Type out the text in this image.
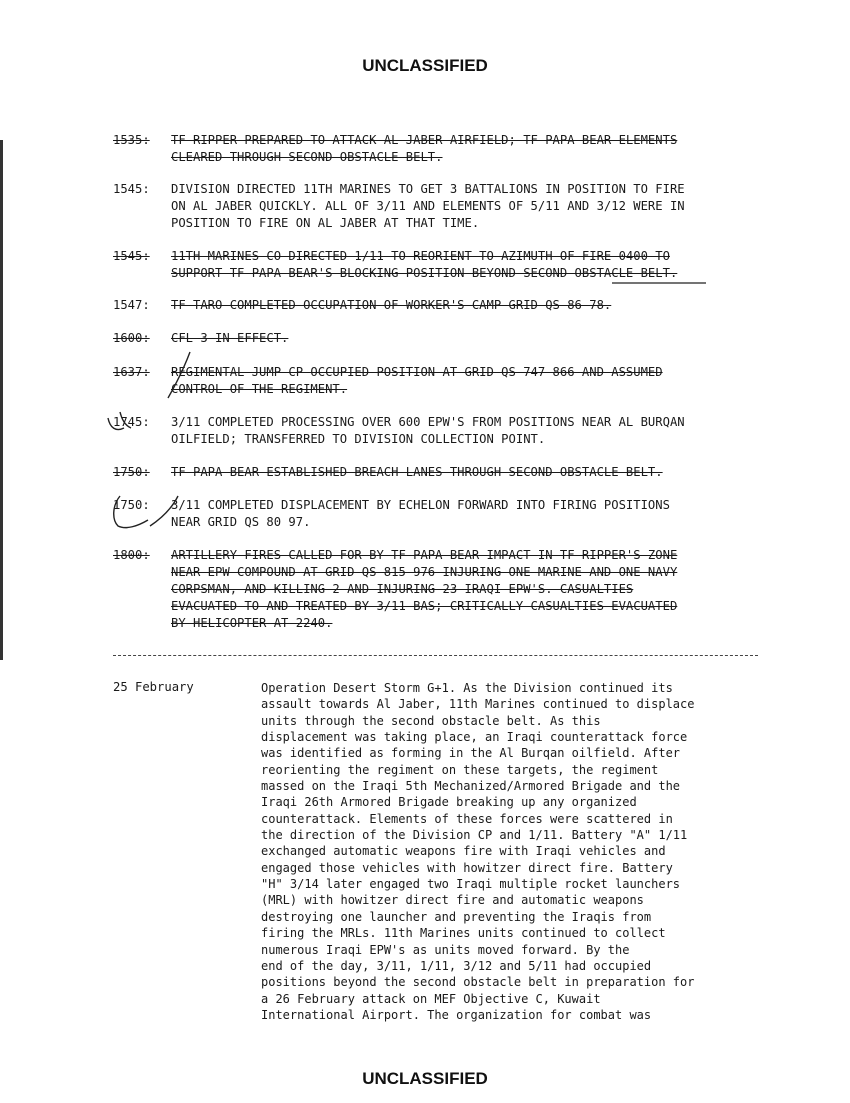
UNCLASSIFIED
1535: TF RIPPER PREPARED TO ATTACK AL JABER AIRFIELD; TF PAPA BEAR ELEMENTS
CLEARED THROUGH SECOND OBSTACLE BELT.
1545: DIVISION DIRECTED 11TH MARINES TO GET 3 BATTALIONS IN POSITION TO FIRE
ON AL JABER QUICKLY. ALL OF 3/11 AND ELEMENTS OF 5/11 AND 3/12 WERE IN
POSITION TO FIRE ON AL JABER AT THAT TIME.
1545: 11TH MARINES CO DIRECTED 1/11 TO REORIENT TO AZIMUTH OF FIRE 0400 TO
SUPPORT TF PAPA BEAR'S BLOCKING POSITION BEYOND SECOND OBSTACLE BELT.
1547: TF TARO COMPLETED OCCUPATION OF WORKER'S CAMP GRID QS 86 78.
1600: CFL 3 IN EFFECT.
1637: REGIMENTAL JUMP CP OCCUPIED POSITION AT GRID QS 747 866 AND ASSUMED
CONTROL OF THE REGIMENT.
1745: 3/11 COMPLETED PROCESSING OVER 600 EPW'S FROM POSITIONS NEAR AL BURQAN
OILFIELD; TRANSFERRED TO DIVISION COLLECTION POINT.
1750: TF PAPA BEAR ESTABLISHED BREACH LANES THROUGH SECOND OBSTACLE BELT.
1750: 3/11 COMPLETED DISPLACEMENT BY ECHELON FORWARD INTO FIRING POSITIONS
NEAR GRID QS 80 97.
1800: ARTILLERY FIRES CALLED FOR BY TF PAPA BEAR IMPACT IN TF RIPPER'S ZONE
NEAR EPW COMPOUND AT GRID QS 815 976 INJURING ONE MARINE AND ONE NAVY
CORPSMAN, AND KILLING 2 AND INJURING 23 IRAQI EPW'S. CASUALTIES
EVACUATED TO AND TREATED BY 3/11 BAS; CRITICALLY CASUALTIES EVACUATED
BY HELICOPTER AT 2240.
25 February	Operation Desert Storm G+1. As the Division continued its
assault towards Al Jaber, 11th Marines continued to displace
units through the second obstacle belt. As this
displacement was taking place, an Iraqi counterattack force
was identified as forming in the Al Burqan oilfield. After
reorienting the regiment on these targets, the regiment
massed on the Iraqi 5th Mechanized/Armored Brigade and the
Iraqi 26th Armored Brigade breaking up any organized
counterattack. Elements of these forces were scattered in
the direction of the Division CP and 1/11. Battery "A" 1/11
exchanged automatic weapons fire with Iraqi vehicles and
engaged those vehicles with howitzer direct fire. Battery
"H" 3/14 later engaged two Iraqi multiple rocket launchers
(MRL) with howitzer direct fire and automatic weapons
destroying one launcher and preventing the Iraqis from
firing the MRLs. 11th Marines units continued to collect
numerous Iraqi EPW's as units moved forward. By the
end of the day, 3/11, 1/11, 3/12 and 5/11 had occupied
positions beyond the second obstacle belt in preparation for
a 26 February attack on MEF Objective C, Kuwait
International Airport. The organization for combat was
UNCLASSIFIED
